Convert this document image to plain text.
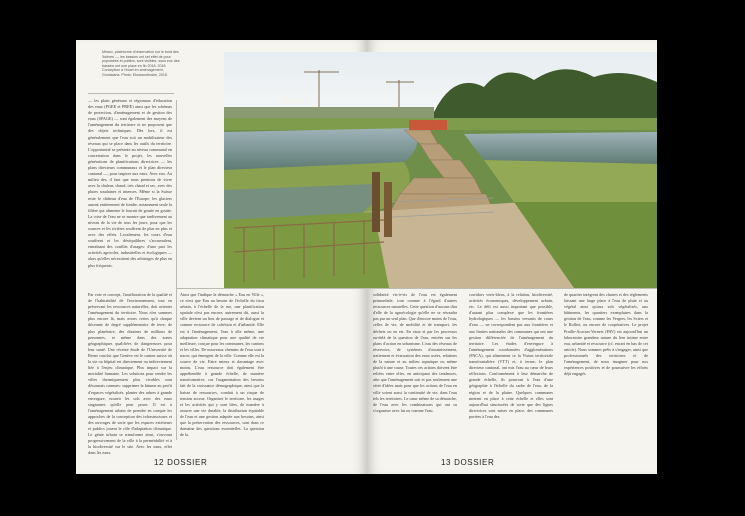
Meaux, plateforme d'observation sur le bord des 'lisières' — les bassins ont cet effet de pour populaires et publics, sont visibles, sous eux des bassins ont une place en fin 2018. 2018 Conception à l'écart en aménagement, Gondwana. Photo: Ekstraordinaire, 2018
— les plans généraux et régionaux d'éducation des eaux (PGEE et PREE) ainsi que les schémas de protection, d'aménagement et de gestion des eaux (SPAGE) — sont également des moyens de l'aménagement du territoire et ne proposent que des objets techniques. Dès lors, il est généralement que l'eau soit un mobilisateur des réseaux qui se place dans les outils du territoire. L'opportunité se présente au niveau communal en concertation dans le projet, les nouvelles générations de planifications directrices — les plans directeurs communaux et le plan directeur cantonal —, pour inspirer aux eaux. Avec eux. Au milieu des, il faut que nous prenions de vivre avec la chaleur, chaud, très chaud et sec, avec des pluies soudaines et intenses. Même si la Suisse reste le château d'eau de l'Europe, les glaciers auront entièrement de fondre, notamment seule la filière qui alimente le fournit de goutte en goutte. La crise de l'eau ne se montre que tardivement au niveau de la vie de tous les jours, pour que les sources et les rivières souffrent de plus en plus et avec des effets. Localement, les cours d'eau souffrent et les déséquilibres s'accumulent, entraînant des conflits d'usages: d'une part les activités agricoles, industrielles et écologiques — alors qu'elles nécessitent des arbitrages de plus en plus fréquents.
Par voie et concept, l'amélioration de la qualité et de l'habitabilité de l'environnement, tout en préservant les ressources naturelles, doit orienter l'aménagement du territoire. Nous n'en sommes plus encore là, mais avons certes qu'à chaque décennie de degré supplémentaire de terre, de plus planétaire, des dizaines de millions de personnes, et même dans des zones géographiques qualifiées de dangereuses pour leur santé. Une récente étude de l'Université de Berne conclut que Genève est le canton suisse où la vie ou hôpital est directement ou indirectement liée à l'enjeu climatique. Plus impact sur la mortalité humaine. Les solutions pour rendre les villes thermiquement plus vivables sont désormais connues: supprimer la bitume au profit d'espaces végétalisés, planter des arbres à grande envergure, nourrir les sols avec des eaux stagnantes qu'elle peut poser. Il est à l'aménagement urbain de prendre en compte les approches de la conception des infrastructures et des ouvrages de sorte que les espaces extérieurs et publics jouent le rôle d'adaptation climatique. Le génie urbain se transforme ainsi, s'ouvrant progressivement de la ville à la perméabilité et à la biodiversité sur le site. Avec les eaux, effet dans les eaux.
Ainsi que l'indique la démarche « Eau en Ville », ce n'est que Eau au besoin de l'échelle du tissu urbain, à l'échelle de la rue, une planification spatiale n'est pas encore, autrement dit, aussi la ville devient un lieu de passage et de dialogue et comme ressource de cohésion et d'urbanité. Elle est à l'aménagement, l'eau à elle même, une adaptation climatique pour une qualité de vie meilleure, conçue pour les communes, les cantons et les villes. De nouveaux chemins de l'eau sont à tracer, qui émergent de la ville. Comme elle est la source de vie. Faire mieux et davantage avec moins. L'eau ressource doit également être appréhendée à grande échelle, de manière transformative, car l'augmentation des besoins fait de la croissance démographique, ainsi que la baisse de ressources, conduit à un risque de tension accrue. Organiser le territoire, les usages et les activités qui y sont liées, de manière à assurer une vie durable, la distribution équitable de l'eau et une gestion adaptée aux besoins, ainsi que la préservation des ressources, sont dans ce domaine des questions essentielles. La question de la.
12 DOSSIER
solidarité vis-à-vis de l'eau est également primordiale, tout comme à l'égard d'autres ressources naturelles. Cette question d'aucuns dira d'elle de la agroécologie qu'elle ne se résoudra pas par un seul plan. Que d'encore moins de l'eau, celles de vie, de mobilité et de transport, les déchets ou en est. En eaux et par les processus au-delà de la question de l'eau, entrées sur les plans d'action en urbanisme. L'eau des réseaux de réservoirs, de systèmes d'assainissement, traitement et évacuation des eaux usées, relations de la nature et au milieu aquatique ou même plutôt à une cause. Toutes ces actions doivent être reliées entre elles, en anticipant des tendances, afin que l'aménagement soit et pas seulement une série d'idées mais pour que les actions de l'eau en ville soient aussi la continuité de vie, dans l'eau tels les territoires. Le cœur même de sa démarche, de l'eau avec les combinaisons qui ont su s'organiser avec lui ou comme l'eau.
corridors verts-bleus, à la relation, biodiversité, activités économiques, développement urbain, etc. Le défi est aussi important que possible, d'autant plus complexe que les frontières hydrologiques — les bassins versants de cours d'eau — ne correspondent pas aux frontières et aux limites nationales des communes qui ont une gestion différenciée de l'aménagement du territoire. Les études d'envergure à l'aménagement coordonnées d'agglomérations (PACA), qui alimentent ce la Vision territoriale transfrontalière (VTT) et, à terme, le plan directeur cantonal, ont mis l'eau au cœur de leurs réflexions. Conformément à leur démarche de grande échelle, ils pourront à l'eau d'une géographie à l'échelle du cadre de l'eau, de la région et de la plaine. Quelques communes mettent en place à cette échelle et elles sont aujourd'hui structurées de sorte que des lignes directrices sont mises en place, des communes portées à l'eau des.
de quartier intègrent des chartes et des règlements laissant une large place à l'eau de pluie et au végétal ainsi qu'aux sols végétalisés, aux bâtiments, les quartiers exemplaires dans la gestion de l'eau, comme les Vergers, les Sciers et le Rolliet, ou encore de coopératives. Le projet Praille-Acacias-Vernets (PAV) est aujourd'hui un laboratoire grandeur nature du lien intime entre eau, urbanité et ressource (cf. encart en bas de cet article). Nous sommes prêts à s'engager, ainsi que professionnels des territoires et de l'aménagement, de nous imaginer pour nos expériences positives et de poursuivre les efforts déjà engagés.
13 DOSSIER
